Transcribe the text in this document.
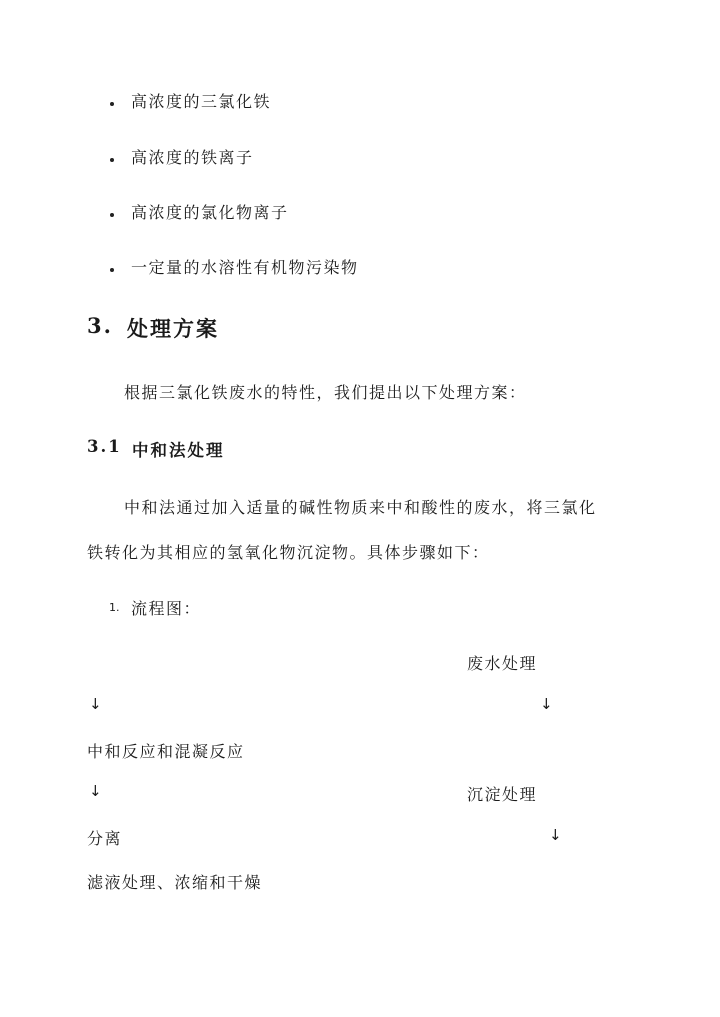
高浓度的三氯化铁
高浓度的铁离子
高浓度的氯化物离子
一定量的水溶性有机物污染物
3. 处理方案
根据三氯化铁废水的特性，我们提出以下处理方案：
3.1 中和法处理
中和法通过加入适量的碱性物质来中和酸性的废水，将三氯化
铁转化为其相应的氢氧化物沉淀物。具体步骤如下：
1. 流程图：
废水处理
↓	↓
中和反应和混凝反应
↓	沉淀处理
分离	↓
滤液处理、浓缩和干燥
